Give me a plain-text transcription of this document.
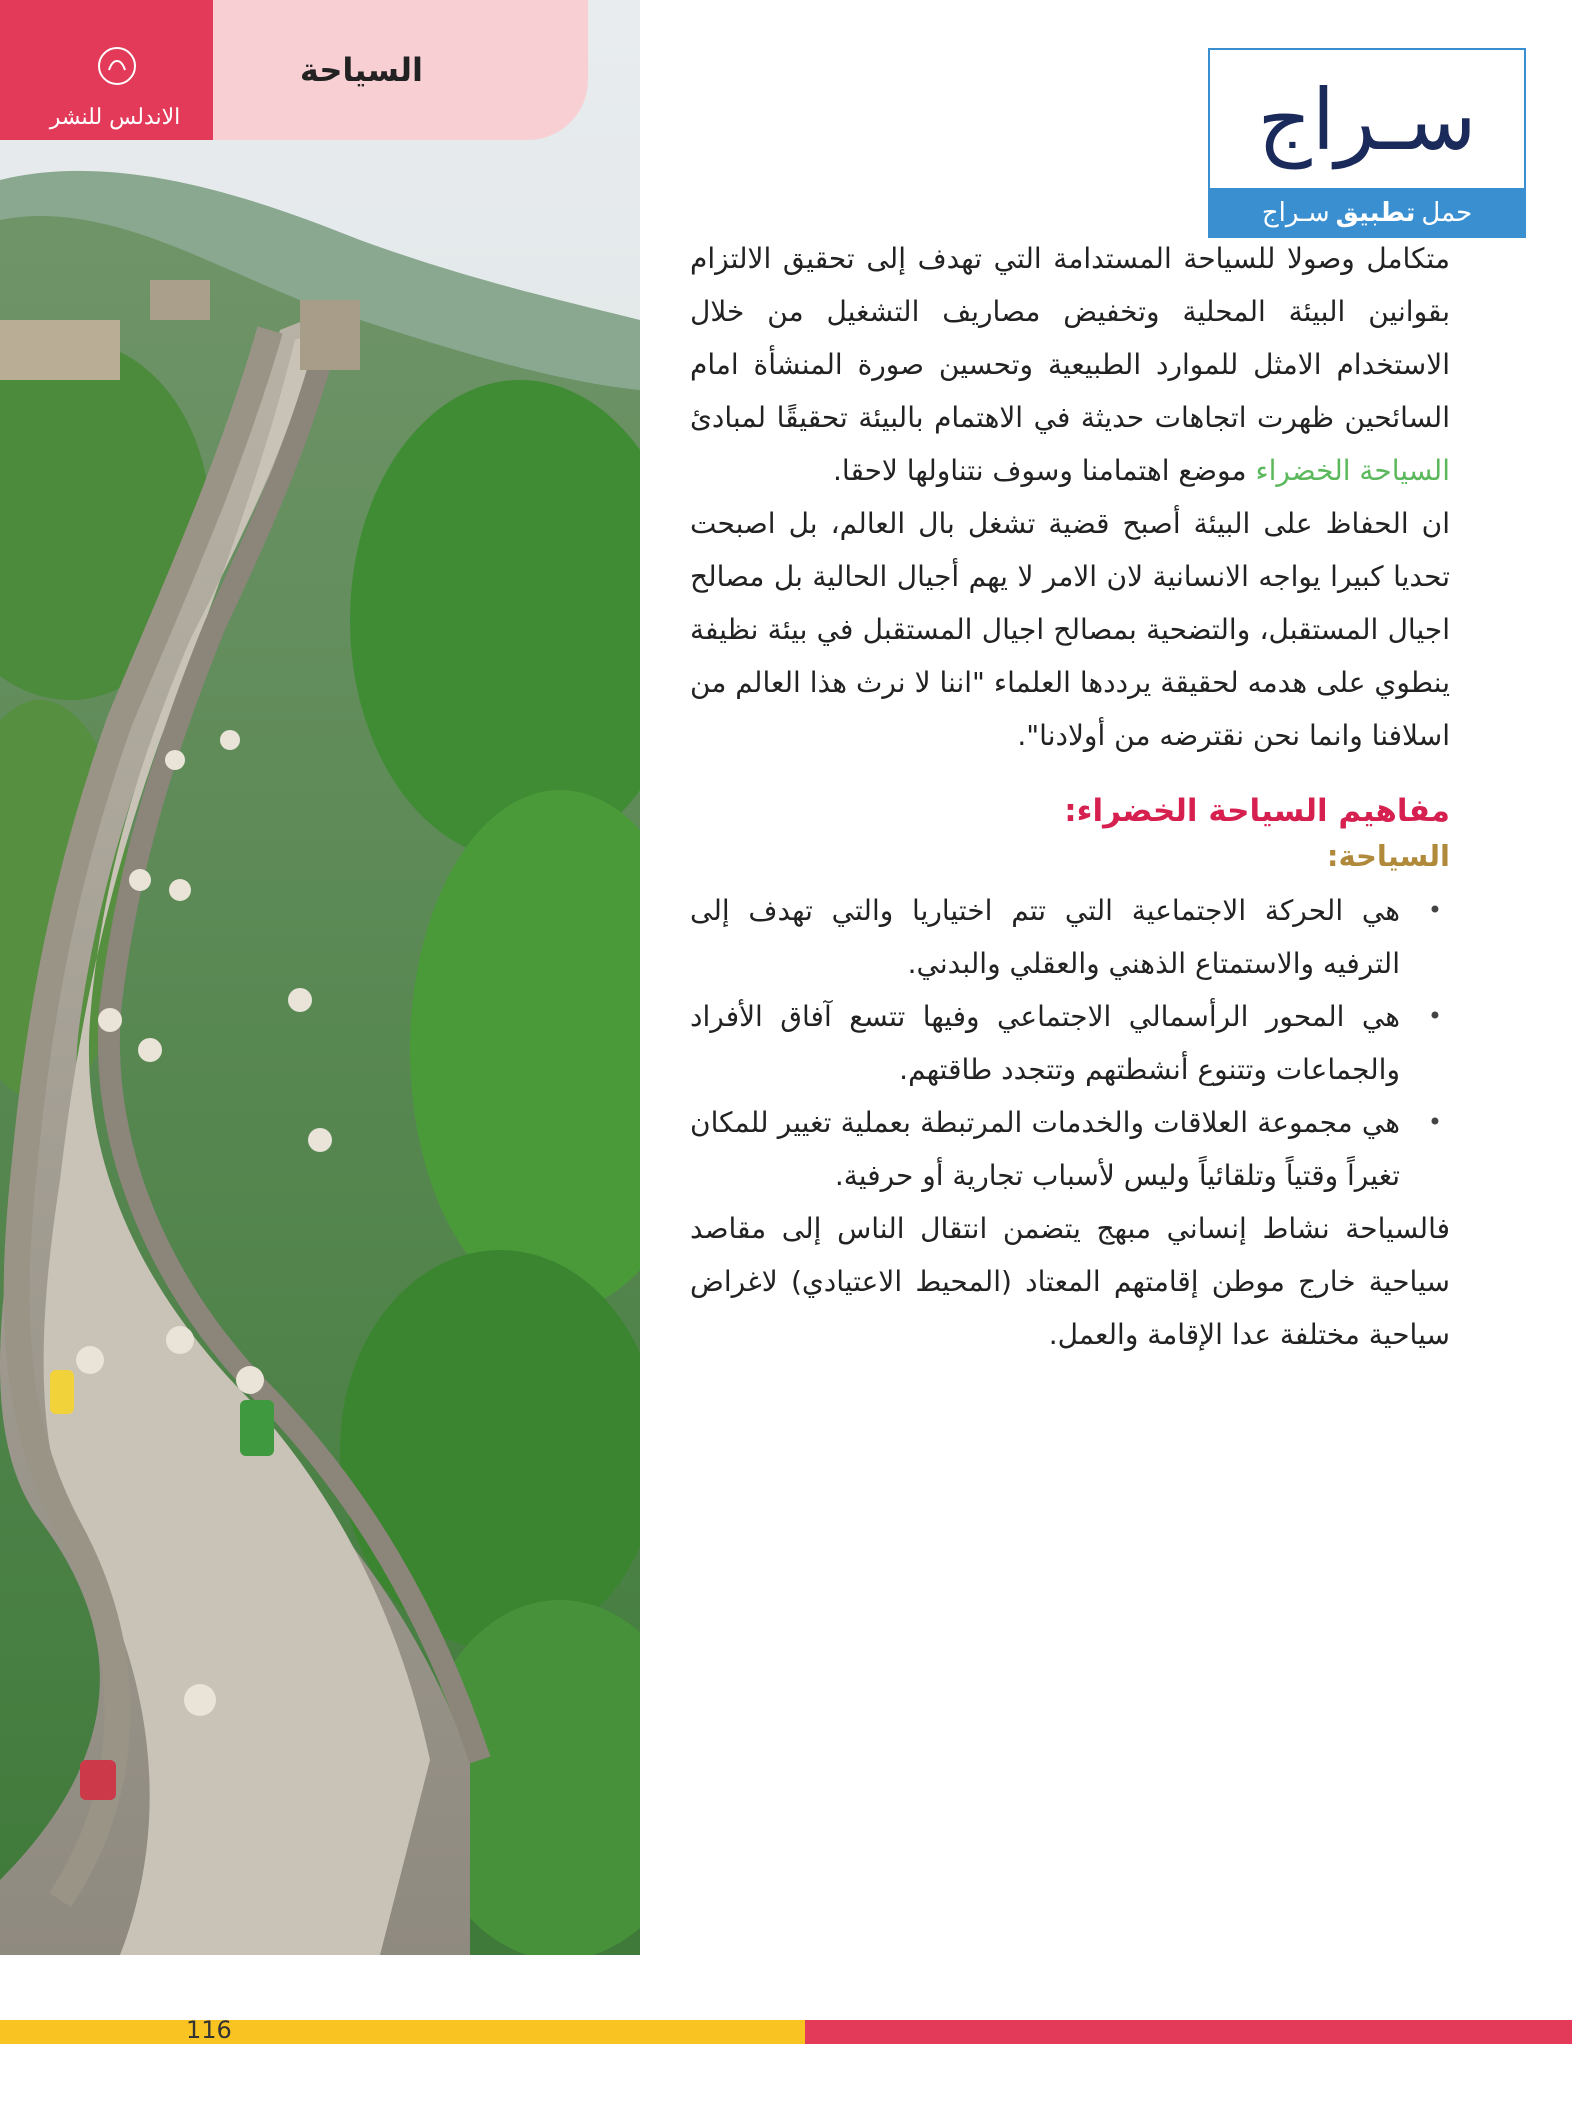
الاندلس للنشر
السياحة
سـراج
حمل
تطبيق
سـراج

متكامل وصولا للسياحة المستدامة التي تهدف إلى تحقيق الالتزام بقوانين البيئة المحلية وتخفيض مصاريف التشغيل من خلال الاستخدام الامثل للموارد الطبيعية وتحسين صورة المنشأة امام السائحين ظهرت اتجاهات حديثة في الاهتمام بالبيئة تحقيقًا لمبادئ السياحة الخضراء موضع اهتمامنا وسوف نتناولها لاحقا.

ان الحفاظ على البيئة أصبح قضية تشغل بال العالم، بل اصبحت تحديا كبيرا يواجه الانسانية لان الامر لا يهم أجيال الحالية بل مصالح اجيال المستقبل، والتضحية بمصالح اجيال المستقبل في بيئة نظيفة ينطوي على هدمه لحقيقة يرددها العلماء "اننا لا نرث هذا العالم من اسلافنا وانما نحن نقترضه من أولادنا".

مفاهيم السياحة الخضراء:
السياحة:
• هي الحركة الاجتماعية التي تتم اختياريا والتي تهدف إلى الترفيه والاستمتاع الذهني والعقلي والبدني.
• هي المحور الرأسمالي الاجتماعي وفيها تتسع آفاق الأفراد والجماعات وتتنوع أنشطتهم وتتجدد طاقتهم.
• هي مجموعة العلاقات والخدمات المرتبطة بعملية تغيير للمكان تغيراً وقتياً وتلقائياً وليس لأسباب تجارية أو حرفية.

فالسياحة نشاط إنساني مبهج يتضمن انتقال الناس إلى مقاصد سياحية خارج موطن إقامتهم المعتاد (المحيط الاعتيادي) لاغراض سياحية مختلفة عدا الإقامة والعمل.

116
